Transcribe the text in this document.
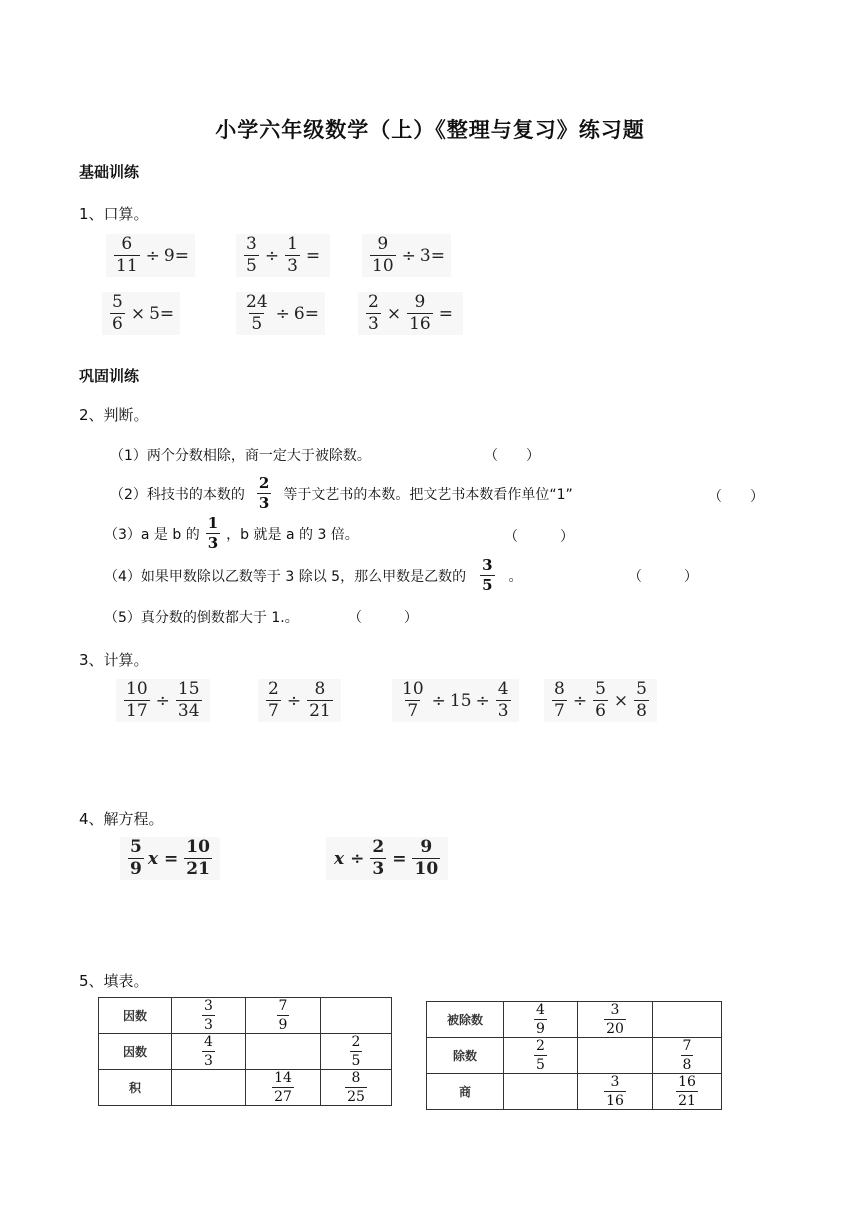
小学六年级数学（上）《整理与复习》练习题
基础训练
1、口算。
$\frac{6}{11} \div 9$ =	$\frac{3}{5} \div \frac{1}{3}$ =	$\frac{9}{10} \div 3$ =
$\frac{5}{6} \times 5$ =	$\frac{24}{5} \div 6$ =	$\frac{2}{3} \times \frac{9}{16}$ =
巩固训练
2、判断。
（1）两个分数相除，商一定大于被除数。	（　　）
（2）科技书的本数的 $\frac{2}{3}$ 等于文艺书的本数。把文艺书本数看作单位“1”	（　　）
（3）a 是 b 的 $\frac{1}{3}$ ，b 就是 a 的 3 倍。	（　　　）
（4）如果甲数除以乙数等于 3 除以 5，那么甲数是乙数的 $\frac{3}{5}$ 。	（　　　）
（5）真分数的倒数都大于 1.。	（　　　）
3、计算。
$\frac{10}{17} \div \frac{15}{34}$	$\frac{2}{7} \div \frac{8}{21}$	$\frac{10}{7} \div 15 \div \frac{4}{3} \frac{8}{7} \div \frac{5}{6} \times \frac{5}{8}$
4、解方程。
$\frac{5}{9}$ $x = \frac{10}{21}$	$x \div \frac{2}{3} = \frac{9}{10}$
5、填表。
因数	$\frac{3}{3}$	$\frac{7}{9}$

因数	$\frac{4}{3}$		$\frac{2}{5}$

积		$\frac{14}{27}$	$\frac{8}{25}$
被除数	$\frac{4}{9}$	$\frac{3}{20}$

除数	$\frac{2}{5}$		$\frac{7}{8}$

商		$\frac{3}{16}$	$\frac{16}{21}$
